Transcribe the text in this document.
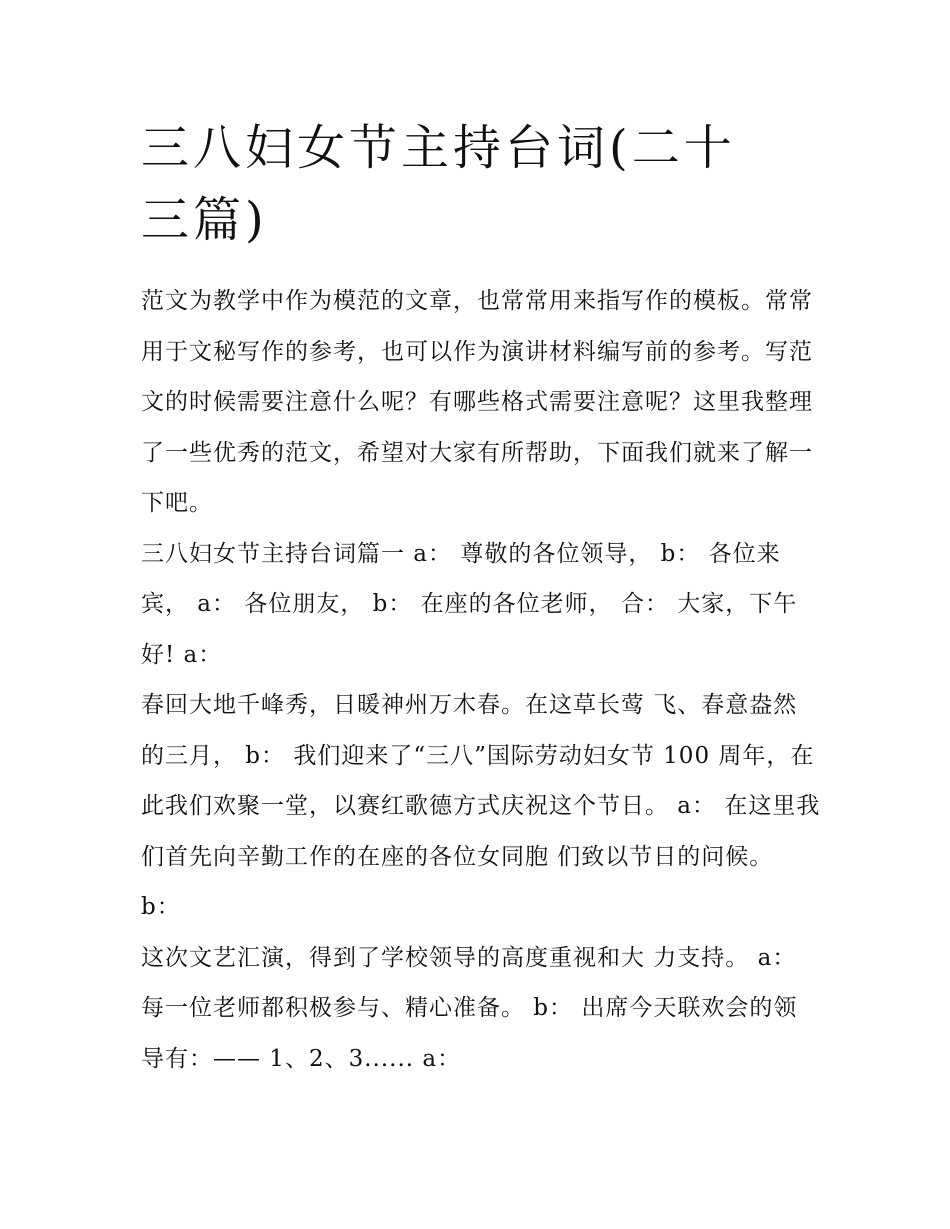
三八妇女节主持台词(二十三篇)

范文为教学中作为模范的文章，也常常用来指写作的模板。常常用于文秘写作的参考，也可以作为演讲材料编写前的参考。写范文的时候需要注意什么呢？有哪些格式需要注意呢？这里我整理了一些优秀的范文，希望对大家有所帮助，下面我们就来了解一下吧。

三八妇女节主持台词篇一 a： 尊敬的各位领导， b： 各位来宾， a： 各位朋友， b： 在座的各位老师， 合： 大家，下午好! a：

春回大地千峰秀，日暖神州万木春。在这草长莺 飞、春意盎然的三月， b： 我们迎来了“三八”国际劳动妇女节 100 周年，在此我们欢聚一堂，以赛红歌德方式庆祝这个节日。 a： 在这里我们首先向辛勤工作的在座的各位女同胞 们致以节日的问候。 b：

这次文艺汇演，得到了学校领导的高度重视和大 力支持。 a： 每一位老师都积极参与、精心准备。 b： 出席今天联欢会的领导有：—— 1、2、3...... a：
